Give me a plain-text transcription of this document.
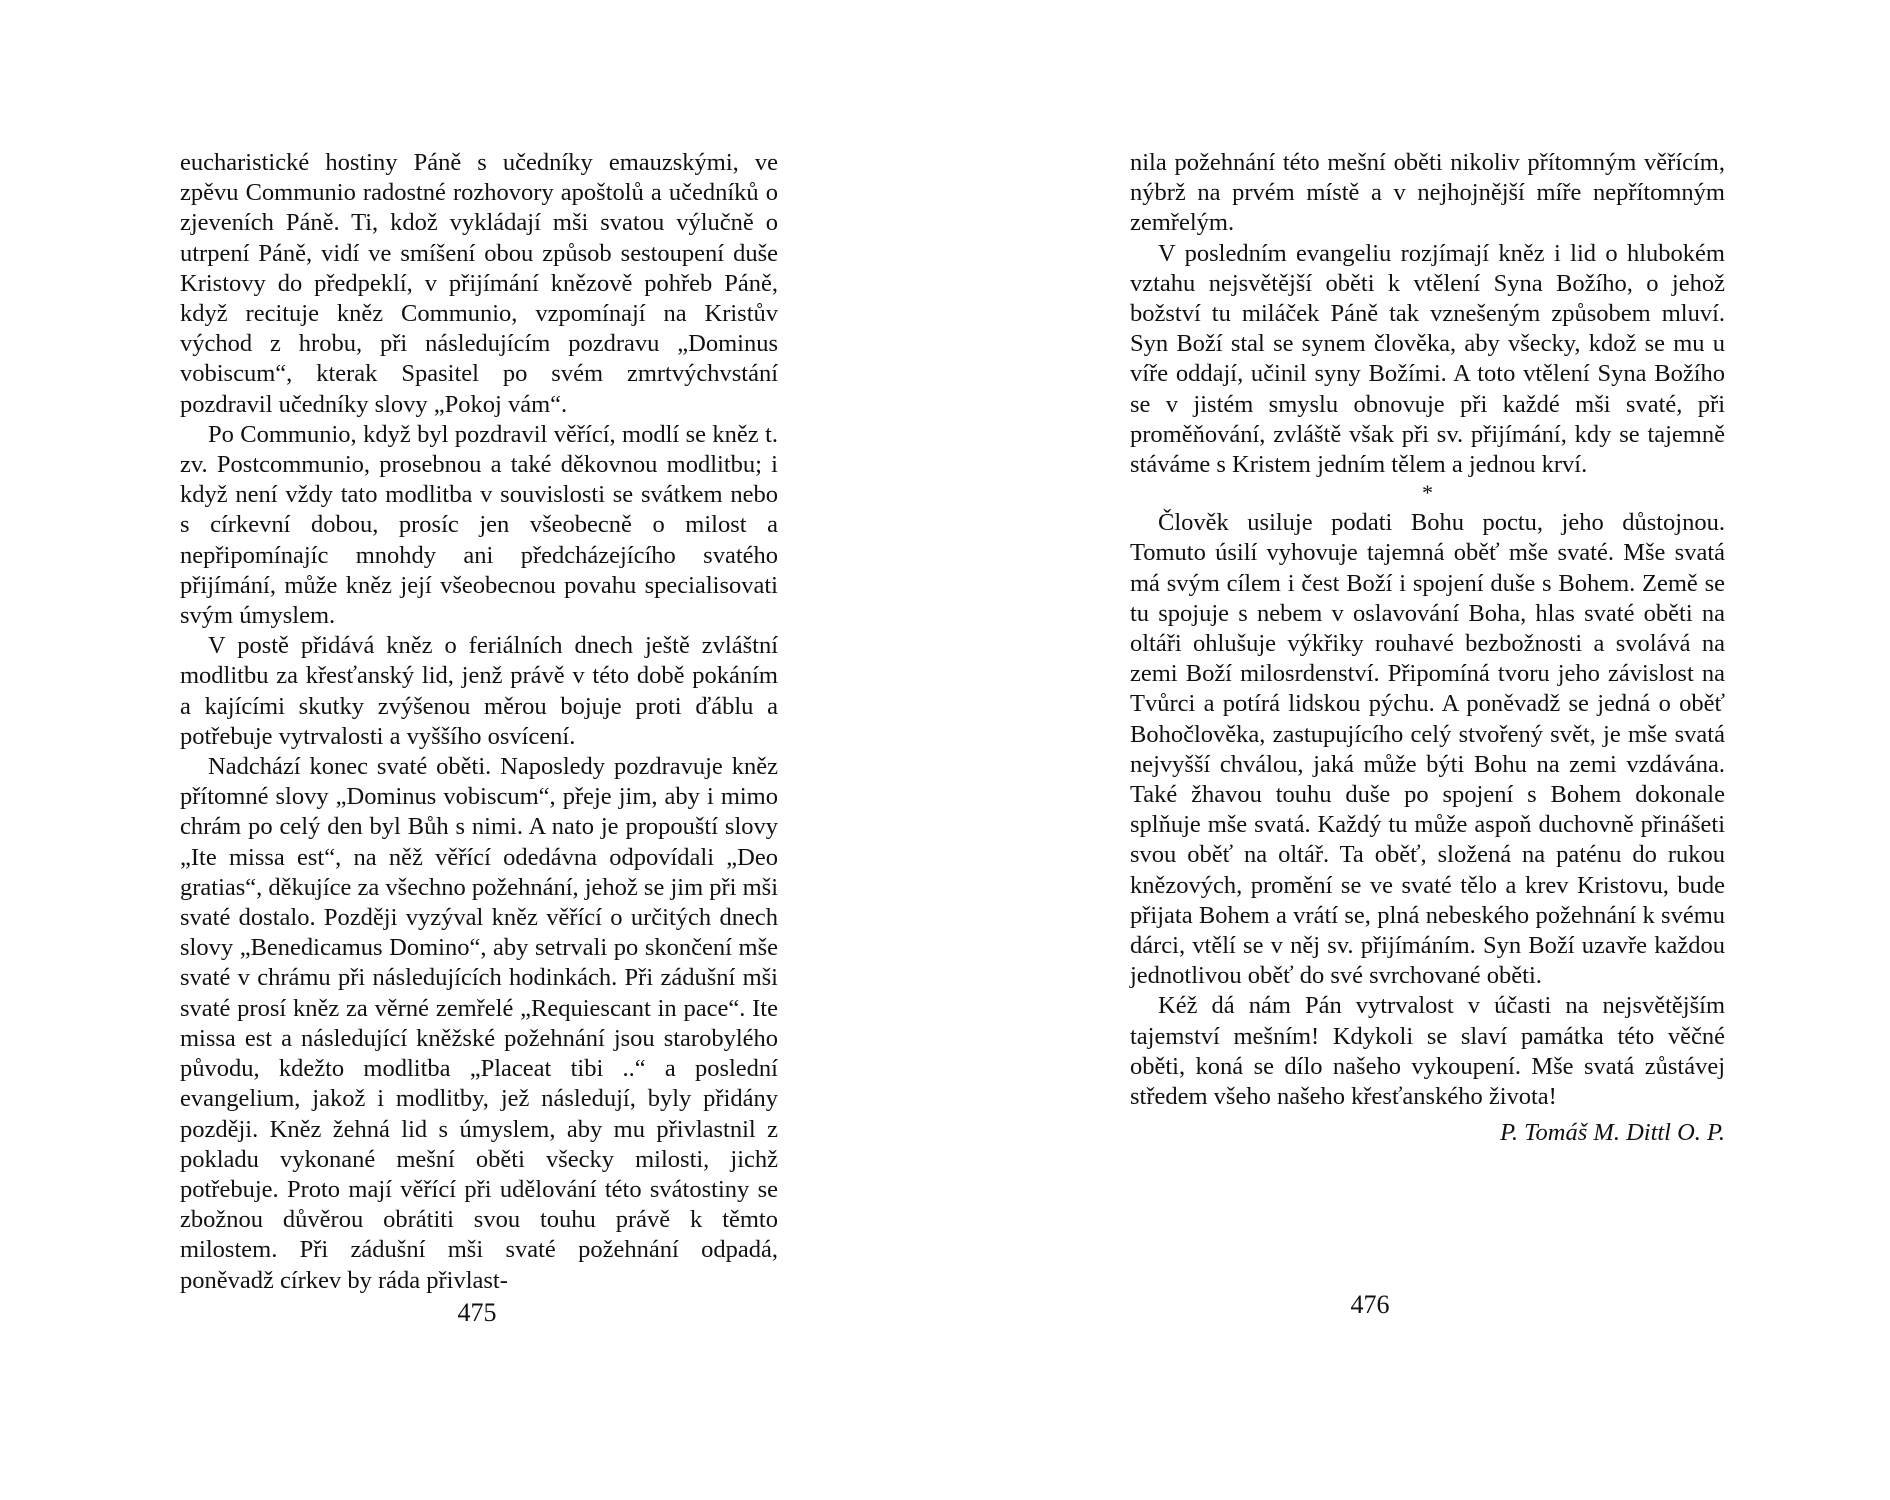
eucharistické hostiny Páně s učedníky emauzskými, ve zpěvu Communio radostné rozhovory apoštolů a učedníků o zjeveních Páně. Ti, kdož vykládají mši svatou výlučně o utrpení Páně, vidí ve smíšení obou způsob sestoupení duše Kristovy do předpeklí, v přijímání knězově pohřeb Páně, když recituje kněz Communio, vzpomínají na Kristův východ z hrobu, při následujícím pozdravu „Dominus vobiscum“, kterak Spasitel po svém zmrtvýchvstání pozdravil učedníky slovy „Pokoj vám“.

Po Communio, když byl pozdravil věřící, modlí se kněz t. zv. Postcommunio, prosebnou a také děkovnou modlitbu; i když není vždy tato modlitba v souvislosti se svátkem nebo s církevní dobou, prosíc jen všeobecně o milost a nepřipomínajíc mnohdy ani předcházejícího svatého přijímání, může kněz její všeobecnou povahu specialisovati svým úmyslem.

V postě přidává kněz o feriálních dnech ještě zvláštní modlitbu za křesťanský lid, jenž právě v této době pokáním a kajícími skutky zvýšenou měrou bojuje proti ďáblu a potřebuje vytrvalosti a vyššího osvícení.

Nadchází konec svaté oběti. Naposledy pozdravuje kněz přítomné slovy „Dominus vobiscum“, přeje jim, aby i mimo chrám po celý den byl Bůh s nimi. A nato je propouští slovy „Ite missa est“, na něž věřící odedávna odpovídali „Deo gratias“, děkujíce za všechno požehnání, jehož se jim při mši svaté dostalo. Později vyzýval kněz věřící o určitých dnech slovy „Benedicamus Domino“, aby setrvali po skončení mše svaté v chrámu při následujících hodinkách. Při zádušní mši svaté prosí kněz za věrné zemřelé „Requiescant in pace“. Ite missa est a následující kněžské požehnání jsou starobylého původu, kdežto modlitba „Placeat tibi ..“ a poslední evangelium, jakož i modlitby, jež následují, byly přidány později. Kněz žehná lid s úmyslem, aby mu přivlastnil z pokladu vykonané mešní oběti všecky milosti, jichž potřebuje. Proto mají věřící při udělování této svátostiny se zbožnou důvěrou obrátiti svou touhu právě k těmto milostem. Při zádušní mši svaté požehnání odpadá, poněvadž církev by ráda přivlast-

475

nila požehnání této mešní oběti nikoliv přítomným věřícím, nýbrž na prvém místě a v nejhojnější míře nepřítomným zemřelým.

V posledním evangeliu rozjímají kněz i lid o hlubokém vztahu nejsvětější oběti k vtělení Syna Božího, o jehož božství tu miláček Páně tak vznešeným způsobem mluví. Syn Boží stal se synem člověka, aby všecky, kdož se mu u víře oddají, učinil syny Božími. A toto vtělení Syna Božího se v jistém smyslu obnovuje při každé mši svaté, při proměňování, zvláště však při sv. přijímání, kdy se tajemně stáváme s Kristem jedním tělem a jednou krví.

*

Člověk usiluje podati Bohu poctu, jeho důstojnou. Tomuto úsilí vyhovuje tajemná oběť mše svaté. Mše svatá má svým cílem i čest Boží i spojení duše s Bohem. Země se tu spojuje s nebem v oslavování Boha, hlas svaté oběti na oltáři ohlušuje výkřiky rouhavé bezbožnosti a svolává na zemi Boží milosrdenství. Připomíná tvoru jeho závislost na Tvůrci a potírá lidskou pýchu. A poněvadž se jedná o oběť Bohočlověka, zastupujícího celý stvořený svět, je mše svatá nejvyšší chválou, jaká může býti Bohu na zemi vzdávána. Také žhavou touhu duše po spojení s Bohem dokonale splňuje mše svatá. Každý tu může aspoň duchovně přinášeti svou oběť na oltář. Ta oběť, složená na paténu do rukou knězových, promění se ve svaté tělo a krev Kristovu, bude přijata Bohem a vrátí se, plná nebeského požehnání k svému dárci, vtělí se v něj sv. přijímáním. Syn Boží uzavře každou jednotlivou oběť do své svrchované oběti.

Kéž dá nám Pán vytrvalost v účasti na nejsvětějším tajemství mešním! Kdykoli se slaví památka této věčné oběti, koná se dílo našeho vykoupení. Mše svatá zůstávej středem všeho našeho křesťanského života!

P. Tomáš M. Dittl O. P.
476
